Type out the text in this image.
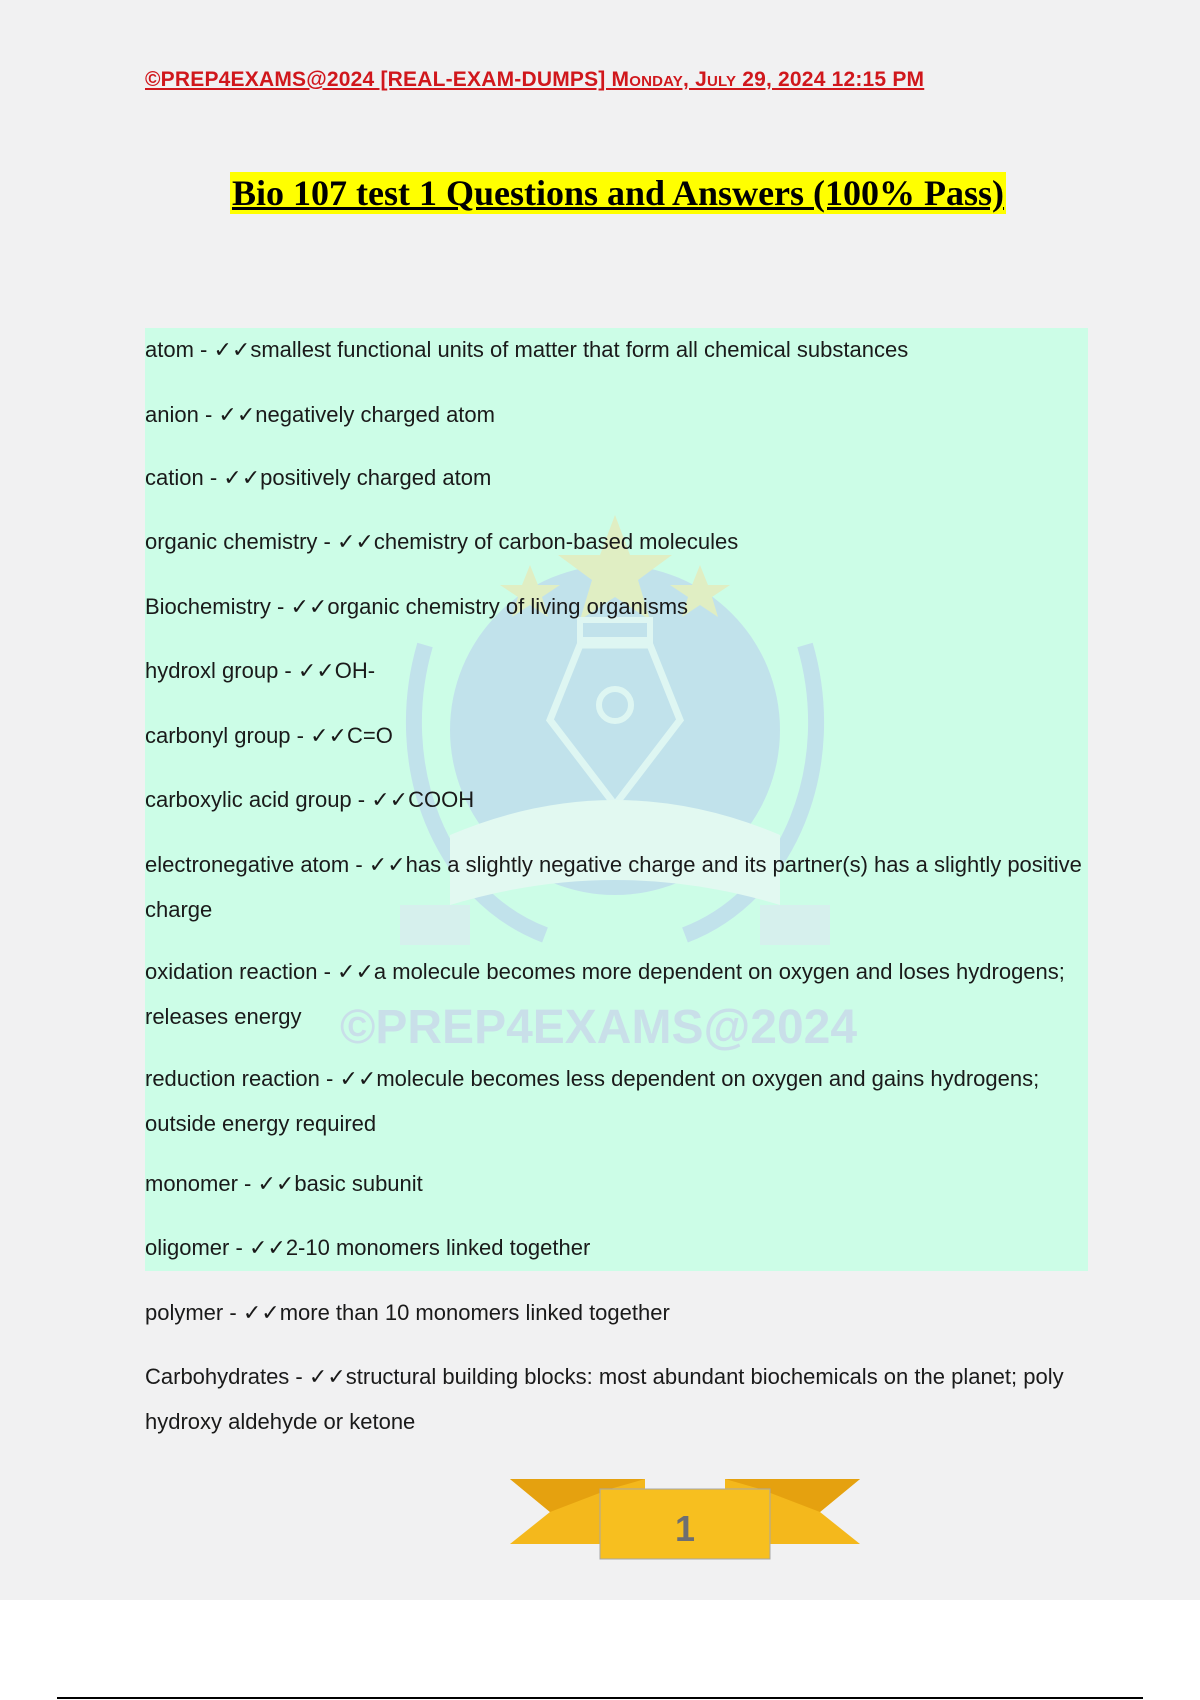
©PREP4EXAMS@2024 [REAL-EXAM-DUMPS] Monday, July 29, 2024 12:15 PM
Bio 107 test 1 Questions and Answers (100% Pass)
©PREP4EXAMS@2024
atom - ✓✓smallest functional units of matter that form all chemical substances
anion - ✓✓negatively charged atom
cation - ✓✓positively charged atom
organic chemistry - ✓✓chemistry of carbon-based molecules
Biochemistry - ✓✓organic chemistry of living organisms
hydroxl group - ✓✓OH-
carbonyl group - ✓✓C=O
carboxylic acid group - ✓✓COOH
electronegative atom - ✓✓has a slightly negative charge and its partner(s) has a slightly positive charge
oxidation reaction - ✓✓a molecule becomes more dependent on oxygen and loses hydrogens; releases energy
reduction reaction - ✓✓molecule becomes less dependent on oxygen and gains hydrogens; outside energy required
monomer - ✓✓basic subunit
oligomer - ✓✓2-10 monomers linked together
polymer - ✓✓more than 10 monomers linked together
Carbohydrates - ✓✓structural building blocks: most abundant biochemicals on the planet; poly hydroxy aldehyde or ketone
1
